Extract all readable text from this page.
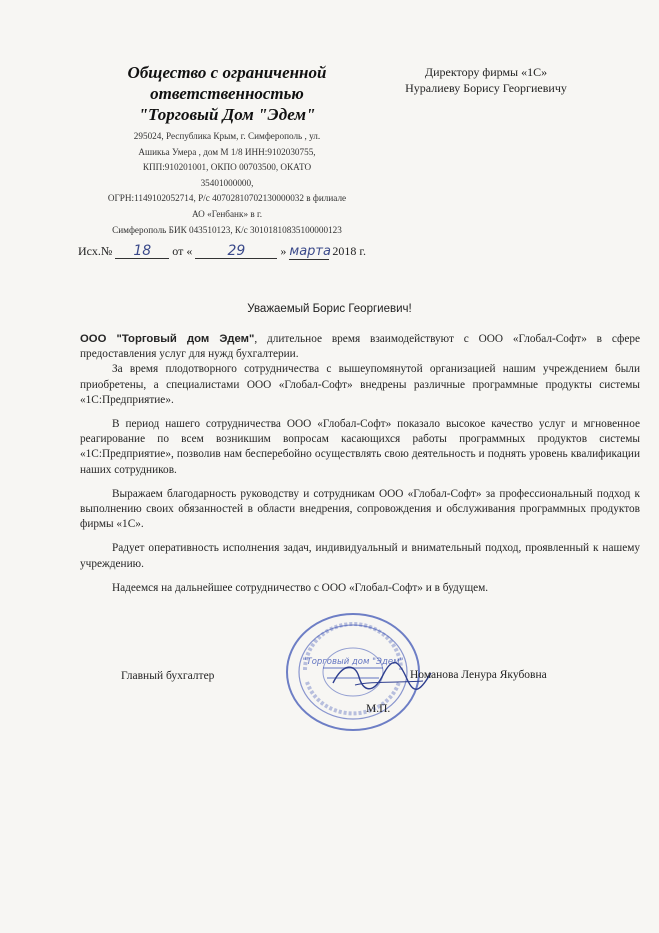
Общество с ограниченной
ответственностью
"Торговый Дом "Эдем"
295024, Республика Крым, г. Симферополь , ул.
Ашикьа Умера , дом М 1/8 ИНН:9102030755,
КПП:910201001, ОКПО 00703500, ОКАТО
35401000000,
ОГРН:1149102052714, Р/с 40702810702130000032 в филиале
АО «Генбанк» в г.
Симферополь БИК 043510123, К/с 30101810835100000123
Директору фирмы «1С»
Нуралиеву Борису Георгиевичу
Исх.№ 18 от «	29	» марта 2018 г.
Уважаемый Борис Георгиевич!

ООО "Торговый дом Эдем", длительное время взаимодействуют с ООО «Глобал-Софт» в сфере предоставления услуг для нужд бухгалтерии.

За время плодотворного сотрудничества с вышеупомянутой организацией нашим учреждением были приобретены, а специалистами ООО «Глобал-Софт» внедрены различные программные продукты системы «1С:Предприятие».

В период нашего сотрудничества ООО «Глобал-Софт» показало высокое качество услуг и мгновенное реагирование по всем возникшим вопросам касающихся работы программных продуктов системы «1С:Предприятие», позволив нам бесперебойно осуществлять свою деятельность и поднять уровень квалификации наших сотрудников.

Выражаем благодарность руководству и сотрудникам ООО «Глобал-Софт» за профессиональный подход к выполнению своих обязанностей в области внедрения, сопровождения и обслуживания программных продуктов фирмы «1С».

Радует оперативность исполнения задач, индивидуальный и внимательный подход, проявленный к нашему учреждению.

Надеемся на дальнейшее сотрудничество с ООО «Глобал-Софт» и в будущем.

"Торговый дом "Эдем"
Главный бухгалтер	Номанова Ленура Якубовна
М.П.
